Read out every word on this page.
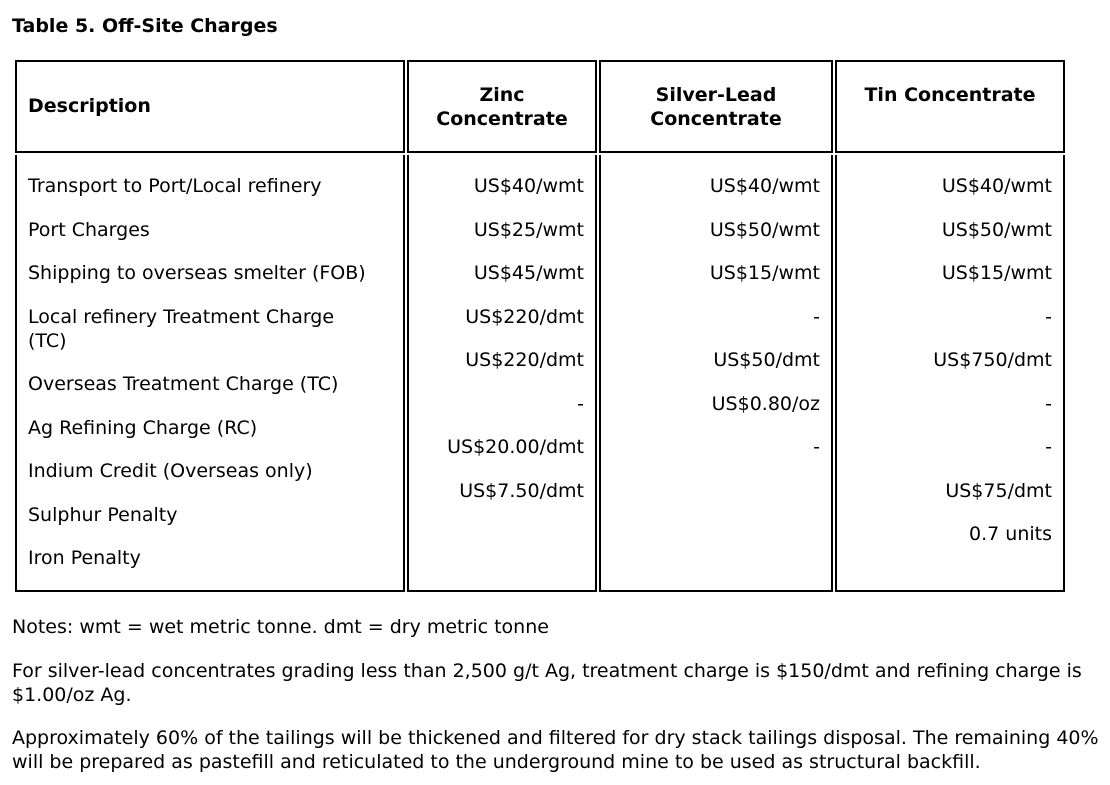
Table 5. Off-Site Charges
Description	Zinc
Concentrate
Silver-Lead
Concentrate
Tin Concentrate
Transport to Port/Local refinery
Port Charges
Shipping to overseas smelter (FOB)
Local refinery Treatment Charge
(TC)
Overseas Treatment Charge (TC)
Ag Refining Charge (RC)
Indium Credit (Overseas only)
Sulphur Penalty
Iron Penalty
US$40/wmt
US$25/wmt
US$45/wmt
US$220/dmt
US$220/dmt
-
US$20.00/dmt
US$7.50/dmt
US$40/wmt
US$50/wmt
US$15/wmt
-
US$50/dmt
US$0.80/oz
-
US$40/wmt
US$50/wmt
US$15/wmt
-
US$750/dmt
-
-
US$75/dmt
0.7 units
Notes: wmt = wet metric tonne. dmt = dry metric tonne
For silver-lead concentrates grading less than 2,500 g/t Ag, treatment charge is $150/dmt and refining charge is $1.00/oz Ag.
Approximately 60% of the tailings will be thickened and filtered for dry stack tailings disposal. The remaining 40% will be prepared as pastefill and reticulated to the underground mine to be used as structural backfill.
